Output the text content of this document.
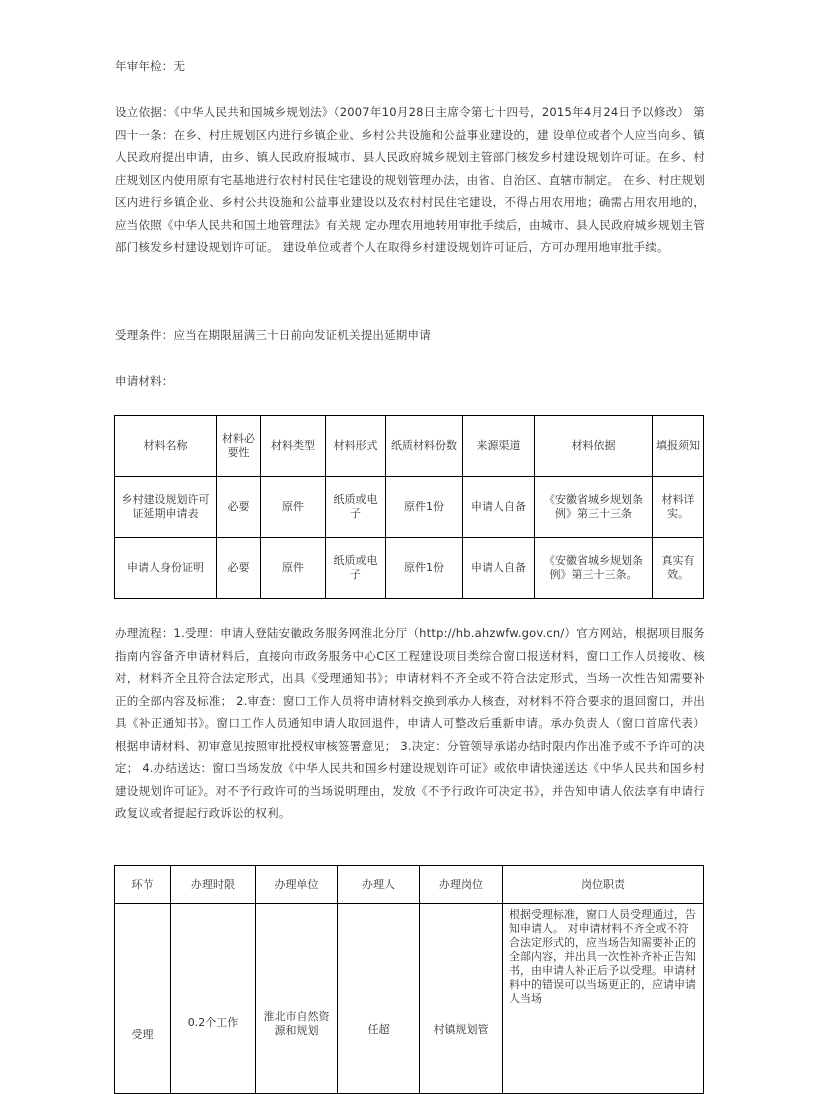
年审年检：无

设立依据：《中华人民共和国城乡规划法》（2007年10月28日主席令第七十四号，2015年4月24日予以修改） 第四十一条：在乡、村庄规划区内进行乡镇企业、乡村公共设施和公益事业建设的，建 设单位或者个人应当向乡、镇人民政府提出申请，由乡、镇人民政府报城市、县人民政府城乡规划主管部门核发乡村建设规划许可证。在乡、村庄规划区内使用原有宅基地进行农村村民住宅建设的规划管理办法，由省、自治区、直辖市制定。 在乡、村庄规划区内进行乡镇企业、乡村公共设施和公益事业建设以及农村村民住宅建设，不得占用农用地；确需占用农用地的，应当依照《中华人民共和国土地管理法》有关规 定办理农用地转用审批手续后，由城市、县人民政府城乡规划主管部门核发乡村建设规划许可证。 建设单位或者个人在取得乡村建设规划许可证后，方可办理用地审批手续。

受理条件：应当在期限届满三十日前向发证机关提出延期申请

申请材料：

材料名称	材料必要性	材料类型	材料形式	纸质材料份数	来源渠道	材料依据	填报须知
乡村建设规划许可证延期申请表	必要	原件	纸质或电子	原件1份	申请人自备	《安徽省城乡规划条例》第三十三条	材料详实。
申请人身份证明	必要	原件	纸质或电子	原件1份	申请人自备	《安徽省城乡规划条例》第三十三条。	真实有效。

办理流程：1.受理：申请人登陆安徽政务服务网淮北分厅（http://hb.ahzwfw.gov.cn/）官方网站，根据项目服务指南内容备齐申请材料后，直接向市政务服务中心C区工程建设项目类综合窗口报送材料，窗口工作人员接收、核对，材料齐全且符合法定形式，出具《受理通知书》；申请材料不齐全或不符合法定形式，当场一次性告知需要补正的全部内容及标准； 2.审查：窗口工作人员将申请材料交换到承办人核查，对材料不符合要求的退回窗口，并出具《补正通知书》。窗口工作人员通知申请人取回退件，申请人可整改后重新申请。承办负责人（窗口首席代表）根据申请材料、初审意见按照审批授权审核签署意见； 3.决定：分管领导承诺办结时限内作出准予或不予许可的决定； 4.办结送达：窗口当场发放《中华人民共和国乡村建设规划许可证》或依申请快递送达《中华人民共和国乡村建设规划许可证》。对不予行政许可的当场说明理由，发放《不予行政许可决定书》，并告知申请人依法享有申请行政复议或者提起行政诉讼的权利。

环节	办理时限	办理单位	办理人	办理岗位	岗位职责
受理	0.2个工作	淮北市自然资源和规划	任超	村镇规划管	根据受理标准，窗口人员受理通过，告知申请人。 对申请材料不齐全或不符合法定形式的，应当场告知需要补正的全部内容，并出具一次性补齐补正告知书，由申请人补正后予以受理。申请材料中的错误可以当场更正的，应请申请人当场
